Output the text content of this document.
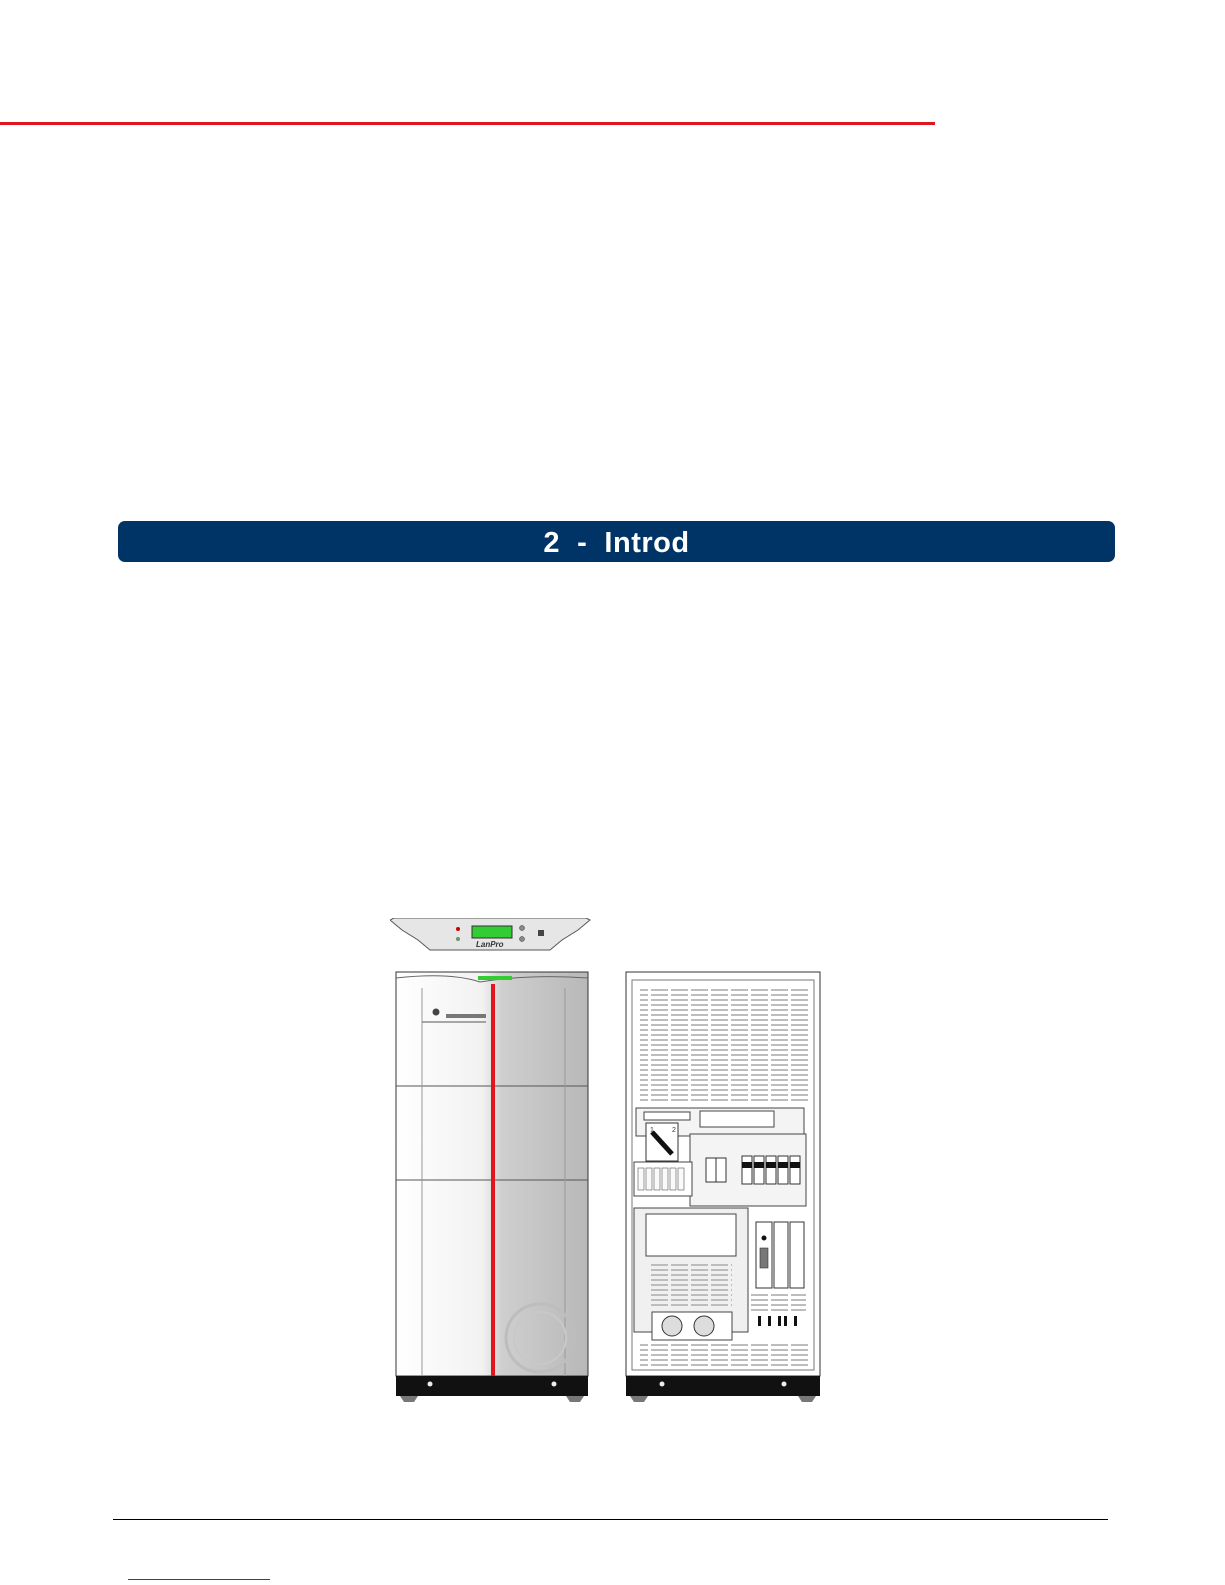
2  -  Introd
LanPro
1	2
